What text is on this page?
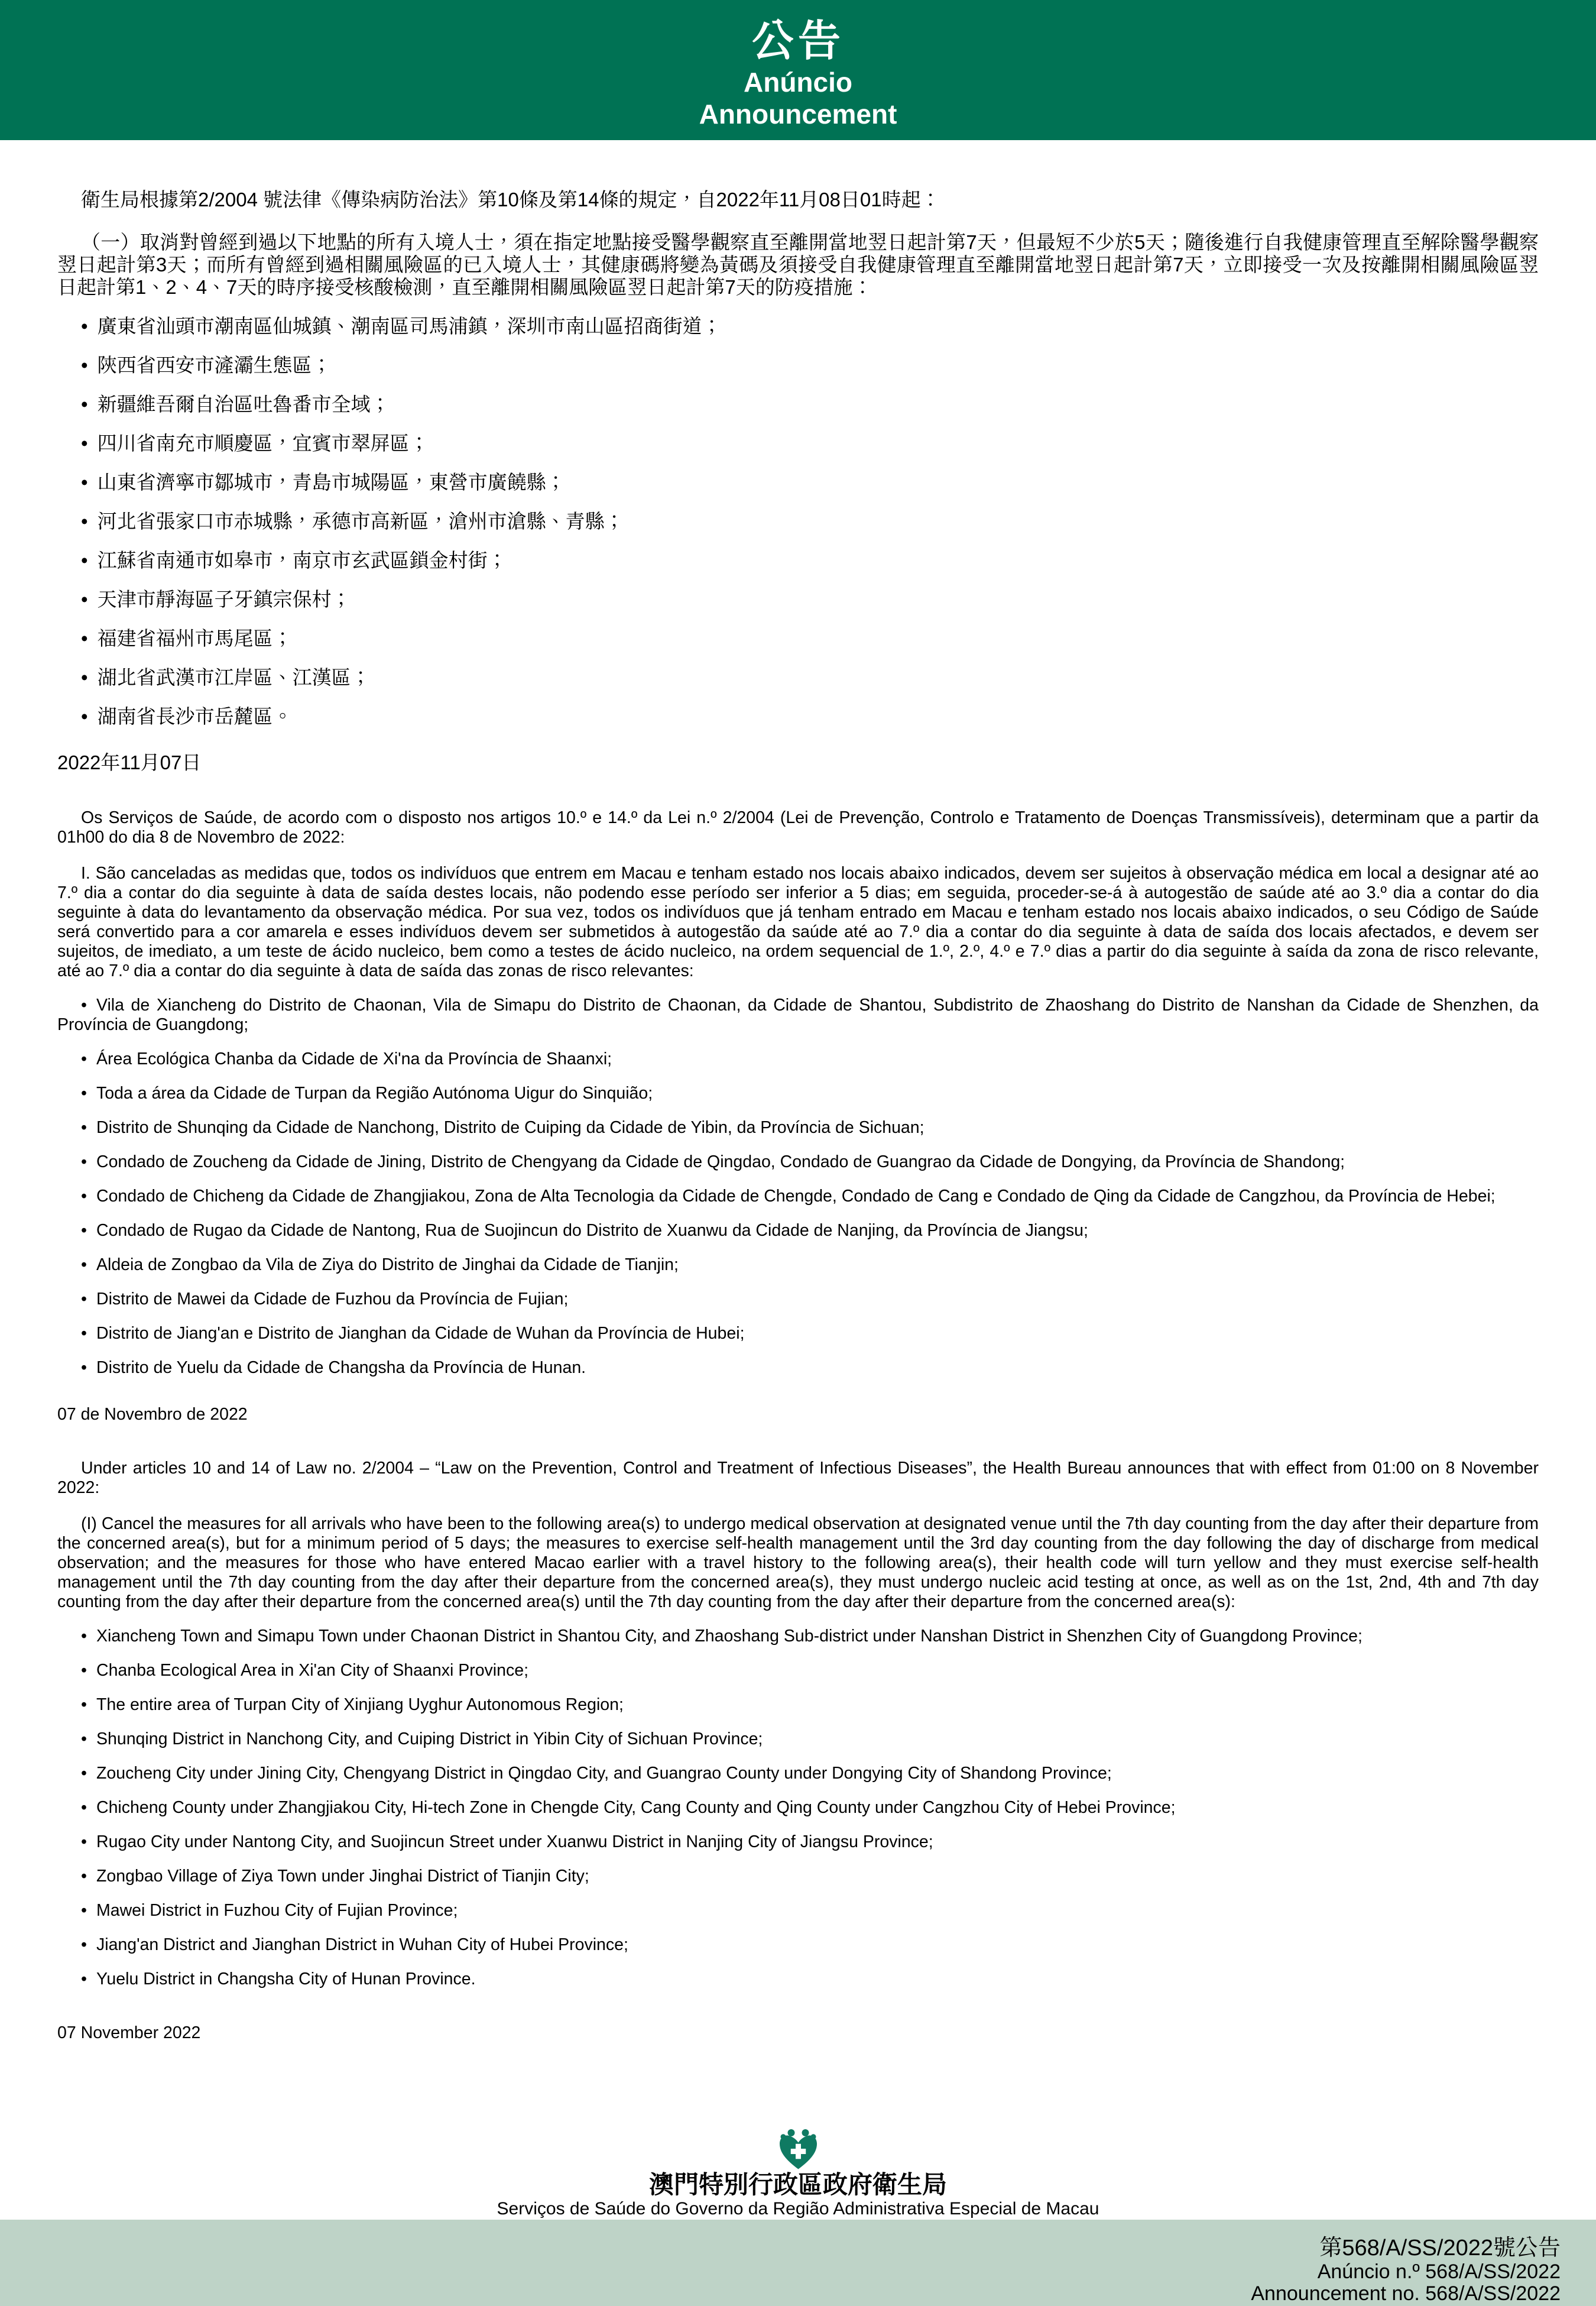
公告
Anúncio
Announcement

衛生局根據第2/2004 號法律《傳染病防治法》第10條及第14條的規定，自2022年11月08日01時起：

（一）取消對曾經到過以下地點的所有入境人士，須在指定地點接受醫學觀察直至離開當地翌日起計第7天，但最短不少於5天；隨後進行自我健康管理直至解除醫學觀察翌日起計第3天；而所有曾經到過相關風險區的已入境人士，其健康碼將變為黃碼及須接受自我健康管理直至離開當地翌日起計第7天，立即接受一次及按離開相關風險區翌日起計第1、2、4、7天的時序接受核酸檢測，直至離開相關風險區翌日起計第7天的防疫措施：

• 廣東省汕頭市潮南區仙城鎮、潮南區司馬浦鎮，深圳市南山區招商街道；

• 陝西省西安市滻灞生態區；

• 新疆維吾爾自治區吐魯番市全域；

• 四川省南充市順慶區，宜賓市翠屏區；

• 山東省濟寧市鄒城市，青島市城陽區，東營市廣饒縣；

• 河北省張家口市赤城縣，承德市高新區，滄州市滄縣、青縣；

• 江蘇省南通市如皋市，南京市玄武區鎖金村街；

• 天津市靜海區子牙鎮宗保村；

• 福建省福州市馬尾區；

• 湖北省武漢市江岸區、江漢區；

• 湖南省長沙市岳麓區。

2022年11月07日

Os Serviços de Saúde, de acordo com o disposto nos artigos 10.º e 14.º da Lei n.º 2/2004 (Lei de Prevenção, Controlo e Tratamento de Doenças Transmissíveis), determinam que a partir da 01h00 do dia 8 de Novembro de 2022:

I. São canceladas as medidas que, todos os indivíduos que entrem em Macau e tenham estado nos locais abaixo indicados, devem ser sujeitos à observação médica em local a designar até ao 7.º dia a contar do dia seguinte à data de saída destes locais, não podendo esse período ser inferior a 5 dias; em seguida, proceder-se-á à autogestão de saúde até ao 3.º dia a contar do dia seguinte à data do levantamento da observação médica. Por sua vez, todos os indivíduos que já tenham entrado em Macau e tenham estado nos locais abaixo indicados, o seu Código de Saúde será convertido para a cor amarela e esses indivíduos devem ser submetidos à autogestão da saúde até ao 7.º dia a contar do dia seguinte à data de saída dos locais afectados, e devem ser sujeitos, de imediato, a um teste de ácido nucleico, bem como a testes de ácido nucleico, na ordem sequencial de 1.º, 2.º, 4.º e 7.º dias a partir do dia seguinte à saída da zona de risco relevante, até ao 7.º dia a contar do dia seguinte à data de saída das zonas de risco relevantes:

• Vila de Xiancheng do Distrito de Chaonan, Vila de Simapu do Distrito de Chaonan, da Cidade de Shantou, Subdistrito de Zhaoshang do Distrito de Nanshan da Cidade de Shenzhen, da Província de Guangdong;

• Área Ecológica Chanba da Cidade de Xi'na da Província de Shaanxi;

• Toda a área da Cidade de Turpan da Região Autónoma Uigur do Sinquião;

• Distrito de Shunqing da Cidade de Nanchong, Distrito de Cuiping da Cidade de Yibin, da Província de Sichuan;

• Condado de Zoucheng da Cidade de Jining, Distrito de Chengyang da Cidade de Qingdao, Condado de Guangrao da Cidade de Dongying, da Província de Shandong;

• Condado de Chicheng da Cidade de Zhangjiakou, Zona de Alta Tecnologia da Cidade de Chengde, Condado de Cang e Condado de Qing da Cidade de Cangzhou, da Província de Hebei;

• Condado de Rugao da Cidade de Nantong, Rua de Suojincun do Distrito de Xuanwu da Cidade de Nanjing, da Província de Jiangsu;

• Aldeia de Zongbao da Vila de Ziya do Distrito de Jinghai da Cidade de Tianjin;

• Distrito de Mawei da Cidade de Fuzhou da Província de Fujian;

• Distrito de Jiang'an e Distrito de Jianghan da Cidade de Wuhan da Província de Hubei;

• Distrito de Yuelu da Cidade de Changsha da Província de Hunan.

07 de Novembro de 2022

Under articles 10 and 14 of Law no. 2/2004 – “Law on the Prevention, Control and Treatment of Infectious Diseases”, the Health Bureau announces that with effect from 01:00 on 8 November 2022:

(I) Cancel the measures for all arrivals who have been to the following area(s) to undergo medical observation at designated venue until the 7th day counting from the day after their departure from the concerned area(s), but for a minimum period of 5 days; the measures to exercise self-health management until the 3rd day counting from the day following the day of discharge from medical observation; and the measures for those who have entered Macao earlier with a travel history to the following area(s), their health code will turn yellow and they must exercise self-health management until the 7th day counting from the day after their departure from the concerned area(s), they must undergo nucleic acid testing at once, as well as on the 1st, 2nd, 4th and 7th day counting from the day after their departure from the concerned area(s) until the 7th day counting from the day after their departure from the concerned area(s):

• Xiancheng Town and Simapu Town under Chaonan District in Shantou City, and Zhaoshang Sub-district under Nanshan District in Shenzhen City of Guangdong Province;

• Chanba Ecological Area in Xi'an City of Shaanxi Province;

• The entire area of Turpan City of Xinjiang Uyghur Autonomous Region;

• Shunqing District in Nanchong City, and Cuiping District in Yibin City of Sichuan Province;

• Zoucheng City under Jining City, Chengyang District in Qingdao City, and Guangrao County under Dongying City of Shandong Province;

• Chicheng County under Zhangjiakou City, Hi-tech Zone in Chengde City, Cang County and Qing County under Cangzhou City of Hebei Province;

• Rugao City under Nantong City, and Suojincun Street under Xuanwu District in Nanjing City of Jiangsu Province;

• Zongbao Village of Ziya Town under Jinghai District of Tianjin City;

• Mawei District in Fuzhou City of Fujian Province;

• Jiang'an District and Jianghan District in Wuhan City of Hubei Province;

• Yuelu District in Changsha City of Hunan Province.

07 November 2022

澳門特別行政區政府衛生局
Serviços de Saúde do Governo da Região Administrativa Especial de Macau
第568/A/SS/2022號公告
Anúncio n.º 568/A/SS/2022
Announcement no. 568/A/SS/2022
